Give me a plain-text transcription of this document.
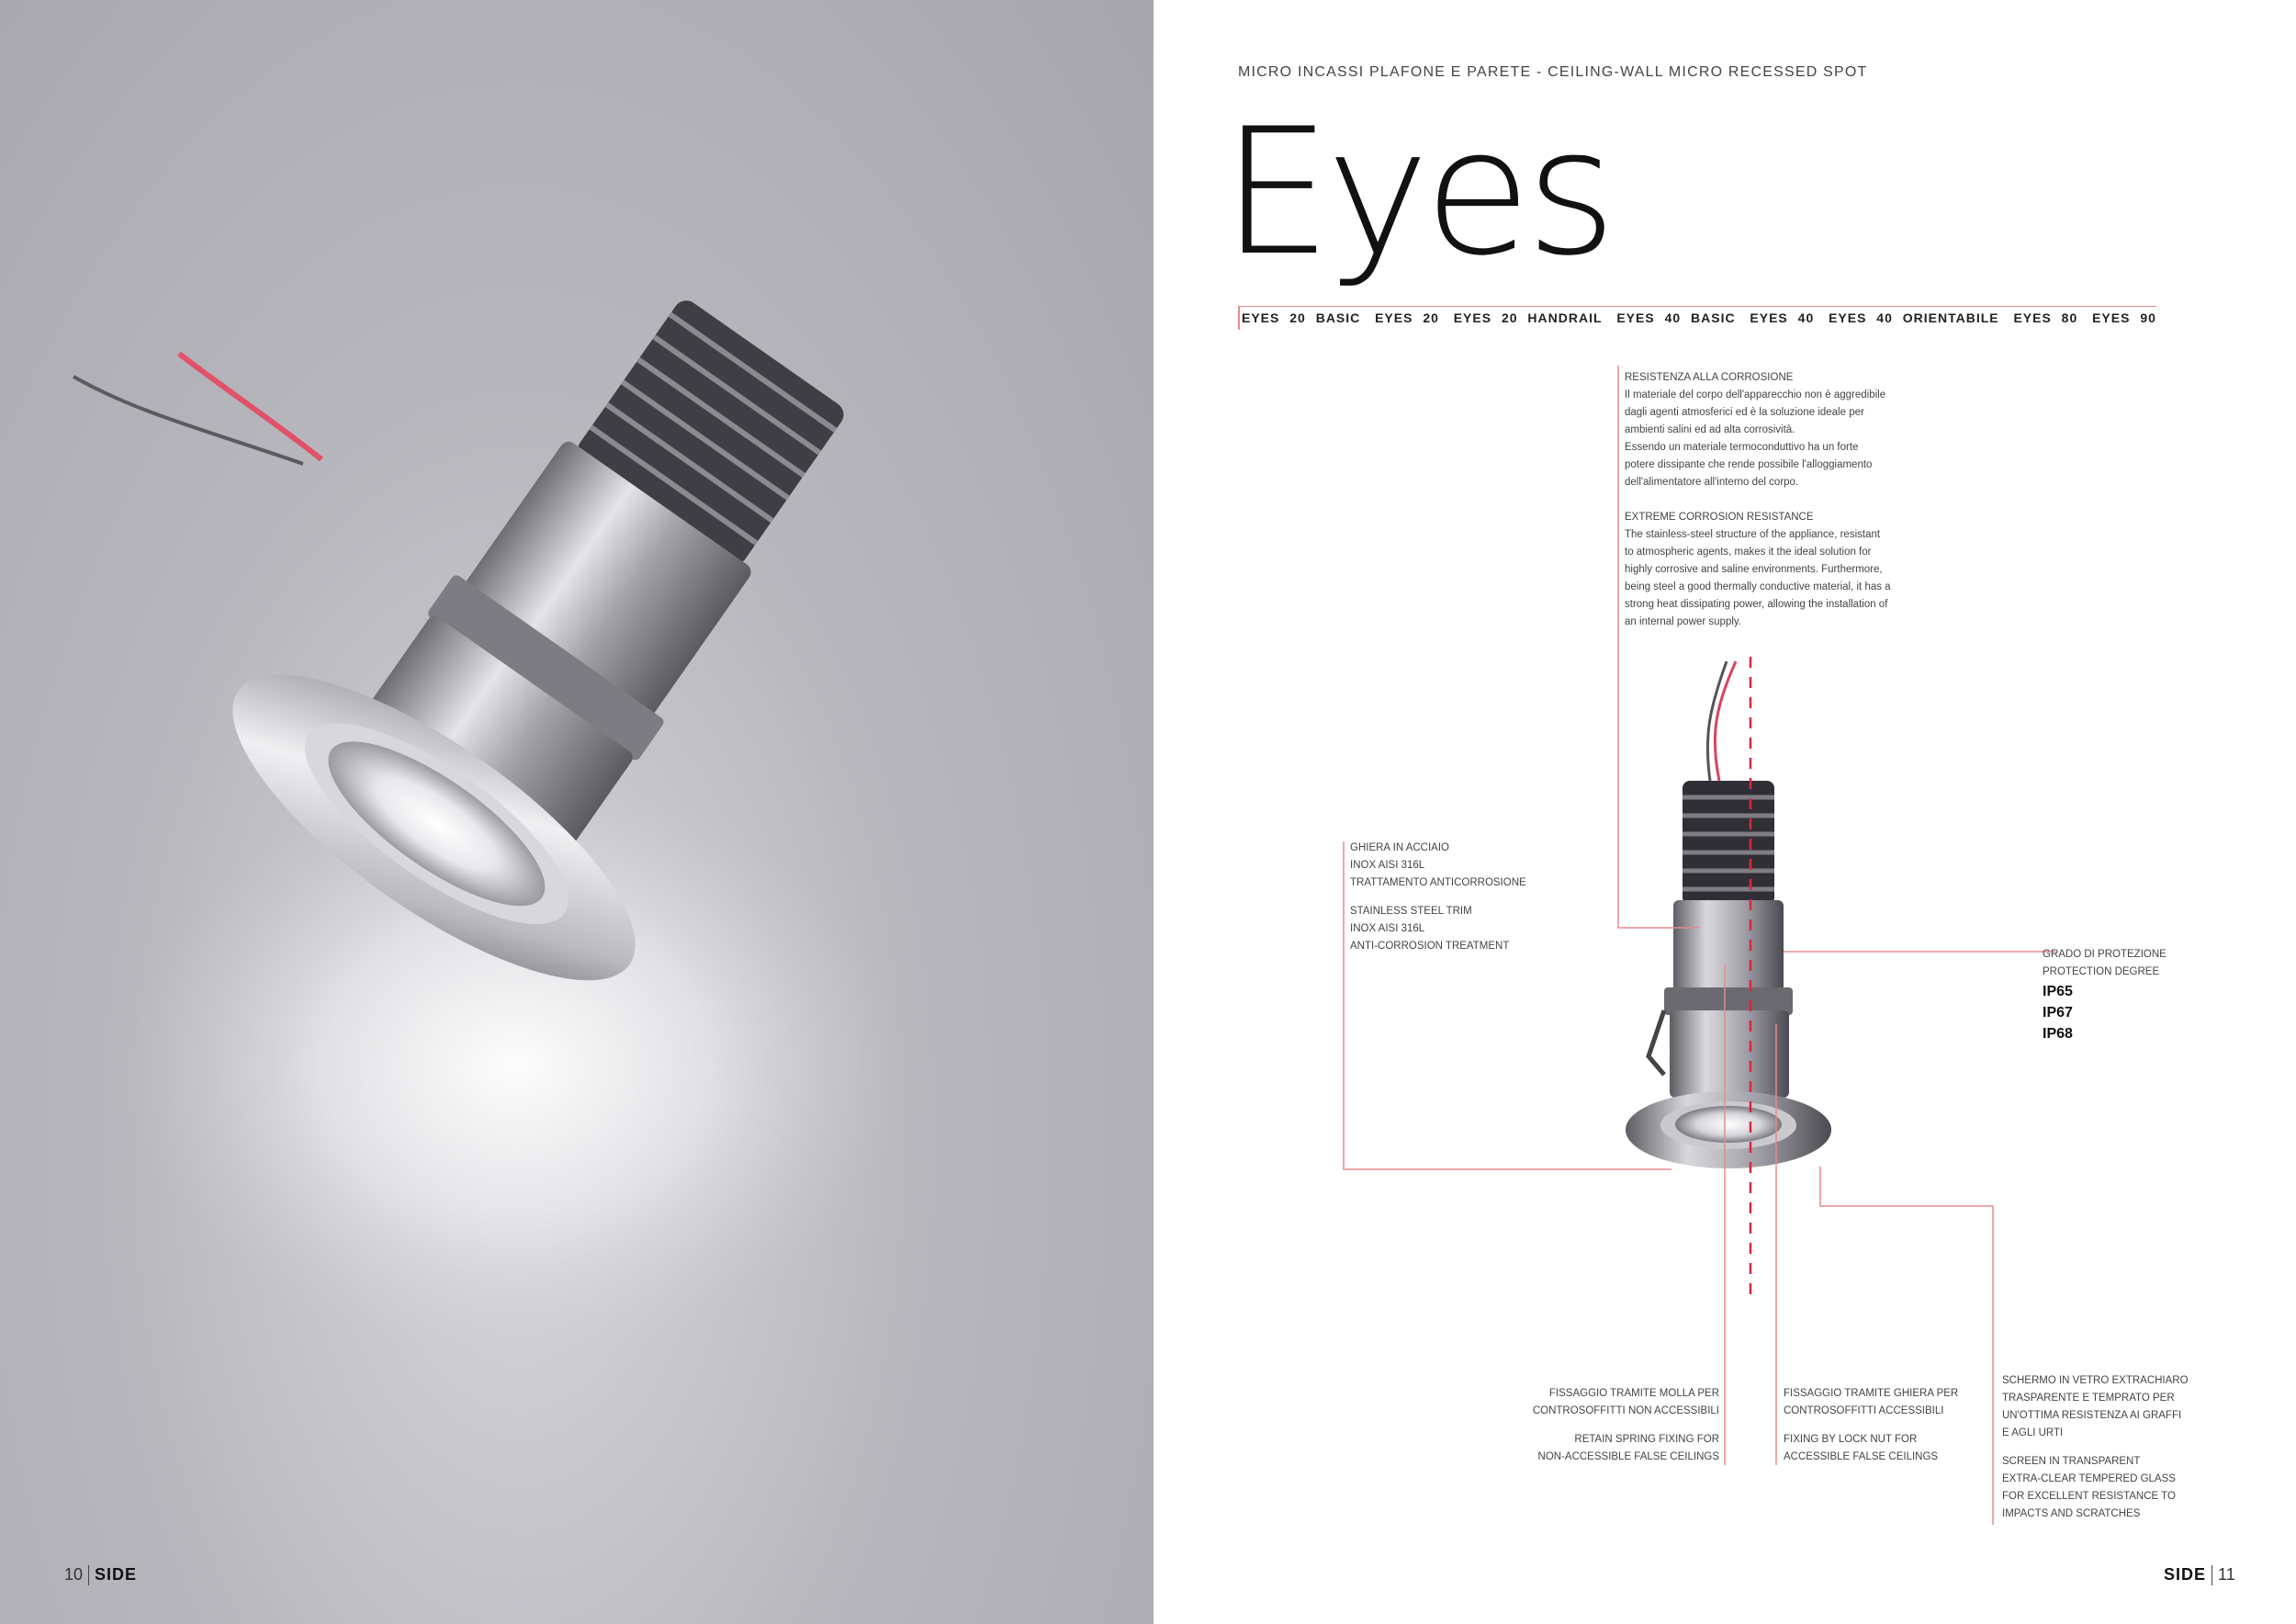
10 SIDE
MICRO INCASSI PLAFONE E PARETE - CEILING-WALL MICRO RECESSED SPOT
Eyes
EYES 20 BASIC EYES 20 EYES 20 HANDRAIL EYES 40 BASIC EYES 40 EYES 40 ORIENTABILE EYES 80 EYES 90
RESISTENZA ALLA CORROSIONE
Il materiale del corpo dell'apparecchio non è aggredibile
dagli agenti atmosferici ed è la soluzione ideale per
ambienti salini ed ad alta corrosività.
Essendo un materiale termoconduttivo ha un forte
potere dissipante che rende possibile l'alloggiamento
dell'alimentatore all'interno del corpo.
EXTREME CORROSION RESISTANCE
The stainless-steel structure of the appliance, resistant
to atmospheric agents, makes it the ideal solution for
highly corrosive and saline environments. Furthermore,
being steel a good thermally conductive material, it has a
strong heat dissipating power, allowing the installation of
an internal power supply.
GHIERA IN ACCIAIO
INOX AISI 316L
TRATTAMENTO ANTICORROSIONE
STAINLESS STEEL TRIM
INOX AISI 316L
ANTI-CORROSION TREATMENT
GRADO DI PROTEZIONE
PROTECTION DEGREE
IP65
IP67
IP68
FISSAGGIO TRAMITE MOLLA PER
CONTROSOFFITTI NON ACCESSIBILI
RETAIN SPRING FIXING FOR
NON-ACCESSIBLE FALSE CEILINGS
FISSAGGIO TRAMITE GHIERA PER
CONTROSOFFITTI ACCESSIBILI
FIXING BY LOCK NUT FOR
ACCESSIBLE FALSE CEILINGS
SCHERMO IN VETRO EXTRACHIARO
TRASPARENTE E TEMPRATO PER
UN'OTTIMA RESISTENZA AI GRAFFI
E AGLI URTI
SCREEN IN TRANSPARENT
EXTRA-CLEAR TEMPERED GLASS
FOR EXCELLENT RESISTANCE TO
IMPACTS AND SCRATCHES
SIDE 11
